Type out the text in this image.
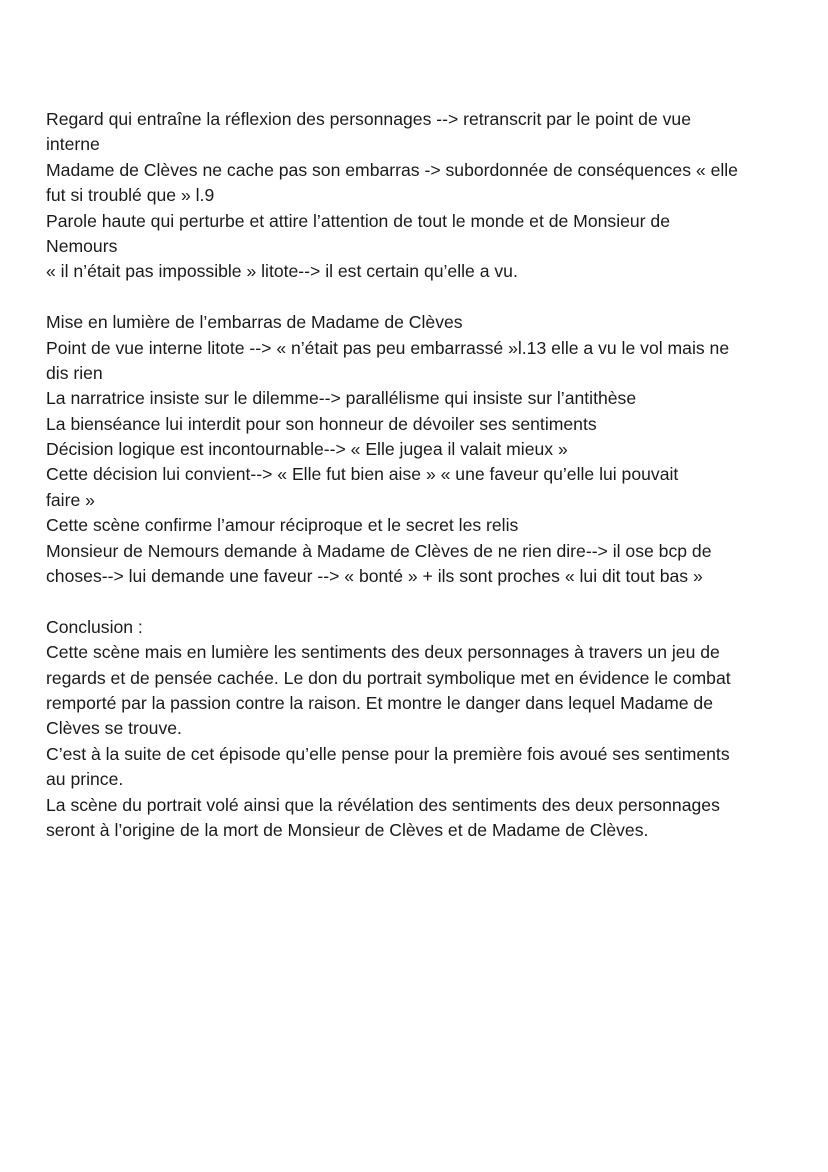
Regard qui entraîne la réflexion des personnages --> retranscrit par le point de vue
interne
Madame de Clèves ne cache pas son embarras -> subordonnée de conséquences « elle
fut si troublé que » l.9
Parole haute qui perturbe et attire l’attention de tout le monde et de Monsieur de
Nemours
« il n’était pas impossible » litote--> il est certain qu’elle a vu.
Mise en lumière de l’embarras de Madame de Clèves
Point de vue interne litote --> « n’était pas peu embarrassé »l.13 elle a vu le vol mais ne
dis rien
La narratrice insiste sur le dilemme--> parallélisme qui insiste sur l’antithèse
La bienséance lui interdit pour son honneur de dévoiler ses sentiments
Décision logique est incontournable--> « Elle jugea il valait mieux »
Cette décision lui convient--> « Elle fut bien aise » « une faveur qu’elle lui pouvait
faire »
Cette scène confirme l’amour réciproque et le secret les relis
Monsieur de Nemours demande à Madame de Clèves de ne rien dire--> il ose bcp de
choses--> lui demande une faveur --> « bonté » + ils sont proches « lui dit tout bas »
Conclusion :
Cette scène mais en lumière les sentiments des deux personnages à travers un jeu de
regards et de pensée cachée. Le don du portrait symbolique met en évidence le combat
remporté par la passion contre la raison. Et montre le danger dans lequel Madame de
Clèves se trouve.
C’est à la suite de cet épisode qu’elle pense pour la première fois avoué ses sentiments
au prince.
La scène du portrait volé ainsi que la révélation des sentiments des deux personnages
seront à l’origine de la mort de Monsieur de Clèves et de Madame de Clèves.
